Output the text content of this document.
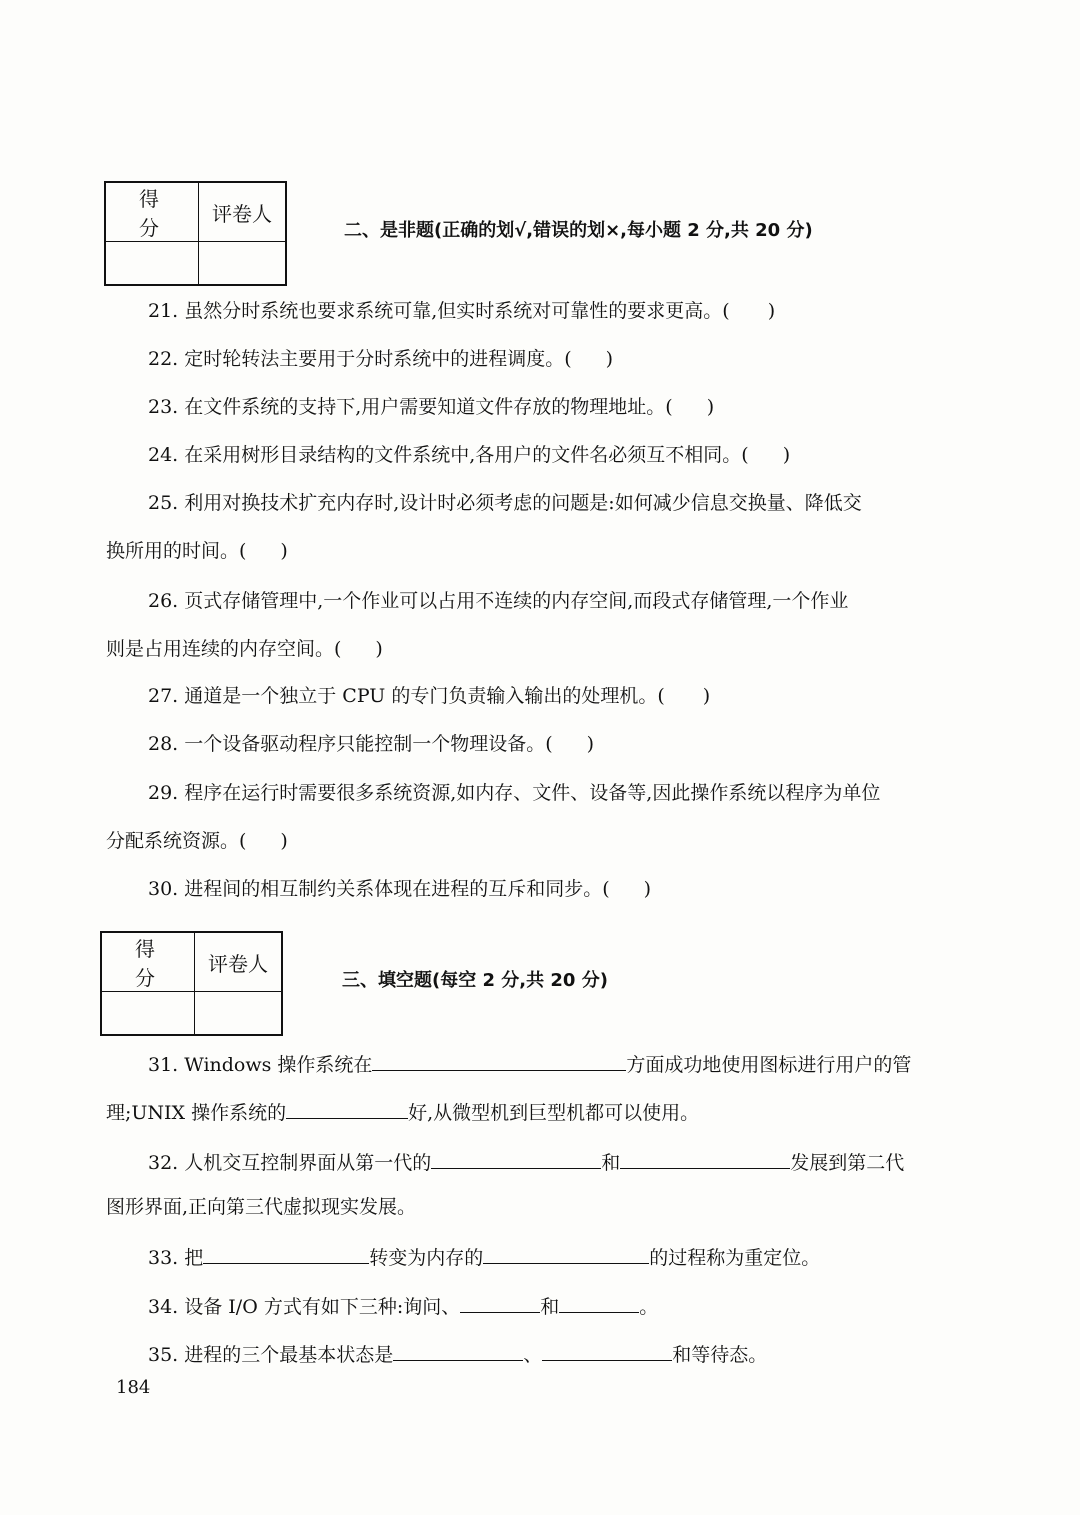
得 分	评卷人

二、是非题(正确的划√,错误的划×,每小题 2 分,共 20 分)
21. 虽然分时系统也要求系统可靠,但实时系统对可靠性的要求更高。( )
22. 定时轮转法主要用于分时系统中的进程调度。( )
23. 在文件系统的支持下,用户需要知道文件存放的物理地址。( )
24. 在采用树形目录结构的文件系统中,各用户的文件名必须互不相同。( )
25. 利用对换技术扩充内存时,设计时必须考虑的问题是:如何减少信息交换量、降低交
换所用的时间。( )
26. 页式存储管理中,一个作业可以占用不连续的内存空间,而段式存储管理,一个作业
则是占用连续的内存空间。( )
27. 通道是一个独立于 CPU 的专门负责输入输出的处理机。( )
28. 一个设备驱动程序只能控制一个物理设备。( )
29. 程序在运行时需要很多系统资源,如内存、文件、设备等,因此操作系统以程序为单位
分配系统资源。( )
30. 进程间的相互制约关系体现在进程的互斥和同步。( )
得 分	评卷人

三、填空题(每空 2 分,共 20 分)
31. Windows 操作系统在	方面成功地使用图标进行用户的管
理;UNIX 操作系统的	好,从微型机到巨型机都可以使用。
32. 人机交互控制界面从第一代的	和	发展到第二代
图形界面,正向第三代虚拟现实发展。
33. 把	转变为内存的	的过程称为重定位。
34. 设备 I/O 方式有如下三种:询问、	和	。
35. 进程的三个最基本状态是	、	和等待态。
184
